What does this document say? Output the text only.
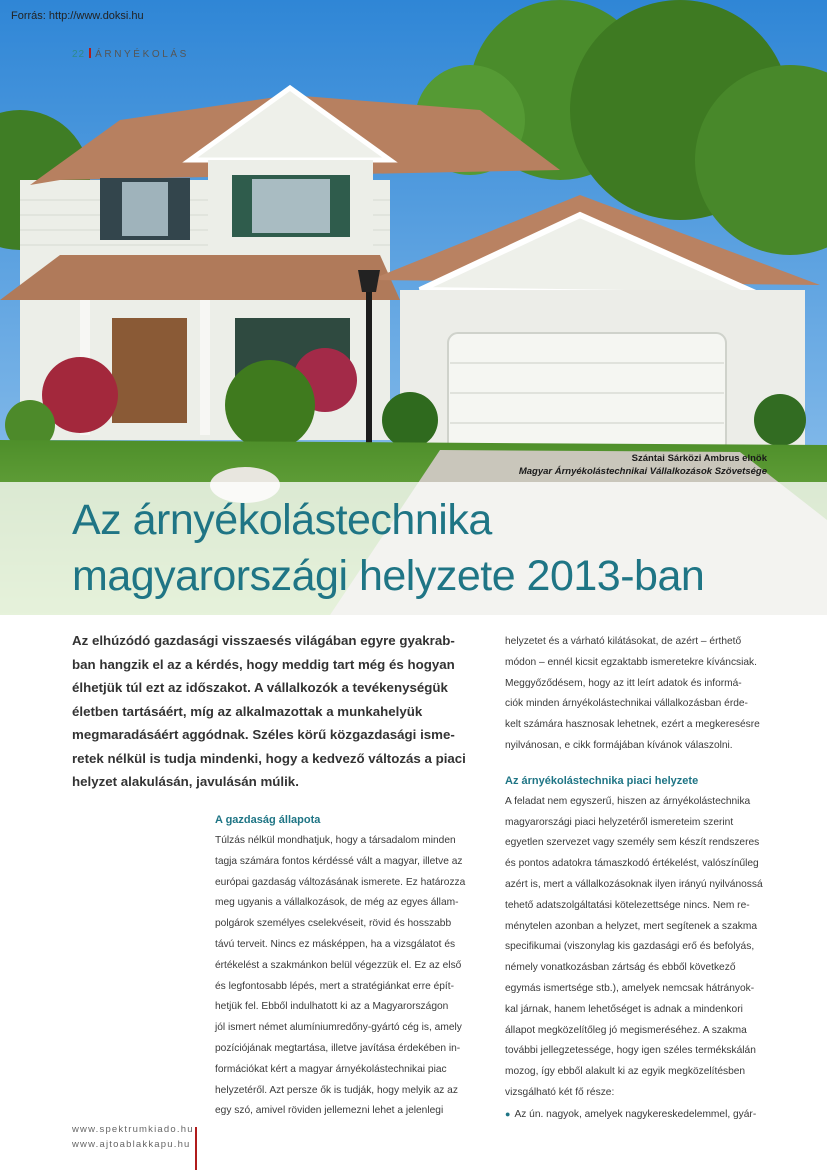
Forrás: http://www.doksi.hu
22 ÁRNYÉKOLÁS
Szántai Sárközi Ambrus elnök
Magyar Árnyékolástechnikai Vállalkozások Szövetsége
Az árnyékolástechnika
magyarországi helyzete 2013-ban

Az elhúzódó gazdasági visszaesés világában egyre gyakrab-

ban hangzik el az a kérdés, hogy meddig tart még és hogyan

élhetjük túl ezt az időszakot. A vállalkozók a tevékenységük

életben tartásáért, míg az alkalmazottak a munkahelyük

megmaradásáért aggódnak. Széles körű közgazdasági isme-

retek nélkül is tudja mindenki, hogy a kedvező változás a piaci

helyzet alakulásán, javulásán múlik.

A gazdaság állapota

Túlzás nélkül mondhatjuk, hogy a társadalom minden

tagja számára fontos kérdéssé vált a magyar, illetve az

európai gazdaság változásának ismerete. Ez határozza

meg ugyanis a vállalkozások, de még az egyes állam-

polgárok személyes cselekvéseit, rövid és hosszabb

távú terveit. Nincs ez másképpen, ha a vizsgálatot és

értékelést a szakmánkon belül végezzük el. Ez az első

és legfontosabb lépés, mert a stratégiánkat erre épít-

hetjük fel. Ebből indulhatott ki az a Magyarországon

jól ismert német alumíniumredőny-gyártó cég is, amely

pozíciójának megtartása, illetve javítása érdekében in-

formációkat kért a magyar árnyékolástechnikai piac

helyzetéről. Azt persze ők is tudják, hogy melyik az az

egy szó, amivel röviden jellemezni lehet a jelenlegi

helyzetet és a várható kilátásokat, de azért – érthető

módon – ennél kicsit egzaktabb ismeretekre kíváncsiak.

Meggyőződésem, hogy az itt leírt adatok és informá-

ciók minden árnyékolástechnikai vállalkozásban érde-

kelt számára hasznosak lehetnek, ezért a megkeresésre

nyilvánosan, e cikk formájában kívánok válaszolni.

Az árnyékolástechnika piaci helyzete

A feladat nem egyszerű, hiszen az árnyékolástechnika

magyarországi piaci helyzetéről ismereteim szerint

egyetlen szervezet vagy személy sem készít rendszeres

és pontos adatokra támaszkodó értékelést, valószínűleg

azért is, mert a vállalkozásoknak ilyen irányú nyilvánossá

tehető adatszolgáltatási kötelezettsége nincs. Nem re-

ménytelen azonban a helyzet, mert segítenek a szakma

specifikumai (viszonylag kis gazdasági erő és befolyás,

némely vonatkozásban zártság és ebből következő

egymás ismertsége stb.), amelyek nemcsak hátrányok-

kal járnak, hanem lehetőséget is adnak a mindenkori

állapot megközelítőleg jó megismeréséhez. A szakma

további jellegzetessége, hogy igen széles termékskálán

mozog, így ebből alakult ki az egyik megközelítésben

vizsgálható két fő része:

● Az ún. nagyok, amelyek nagykereskedelemmel, gyár-

www.spektrumkiado.hu
www.ajtoablakkapu.hu
